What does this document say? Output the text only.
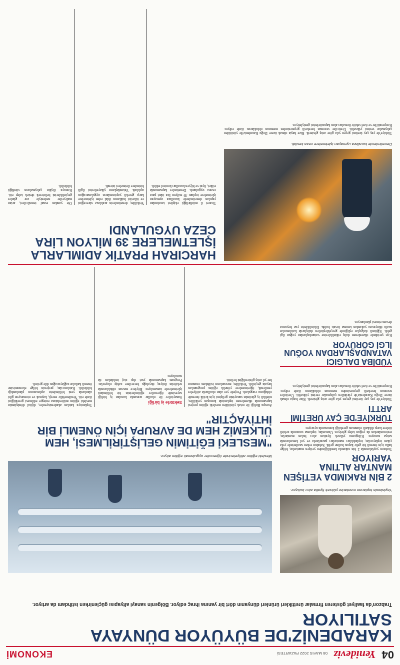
04
Yenideviz
08 MAYIS 2022 PAZARTESİ
EKONOMİ
KARADENİZ'DE BÜYÜYOR DÜNYAYA SATILIYOR
Trabzon'da faaliyet gösteren firmalar ürettikleri ürünleri dünyanın dört bir yanına ihraç ediyor. Bölgenin sanayi altyapısı güçlenirken istihdam da artıyor.
Yaylalarda toplanan mantarlar yüksek fiyatla alıcı buluyor.
2 BİN RAKIMDA YETİŞEN MANTAR ALTINA YARIYOR
Trabzon yaylalarında 2 bin rakımda kendiliğinden yetişen mantarlar, bölge halkı için önemli bir gelir kapısı haline geldi. Sabahın erken saatlerinde yola çıkan toplayıcılar, topladıkları mantarları pazarlarda ve yol kenarlarında satışa sunuyor. Kilogramı yüksek fiyattan alıcı bulan mantarlar, restoranlardan da yoğun talep görüyor. Uzmanlar, toplama sırasında zehirli türlere karşı dikkatli olunması gerektiği konusunda uyarıyor.
TÜRKİYE'DE ÇAY ÜRETİMİ ARTTI
Türkiye'de yaş çay üretimi geçen yıla göre artış gösterdi. Rize başta olmak üzere Doğu Karadeniz'de yürütülen çalışmalar verimi yükseltti. Üreticiler sezonun bereketli geçmesinden memnun olduklarını ifade ediyor. Kooperatifler ve özel sektör firmaları alım kapasitelerini genişletiyor.
YÜDİBA DALGICI VATANDAŞLARDAN YOĞUN İLGİ GÖRÜYOR
Kıyı şeridinde düzenlenen dalış etkinliklerine vatandaşlardan yoğun ilgi geldi. Eğitimli dalgıçlar eşliğinde gerçekleştirilen dalışlarda katılımcılar sualtı dünyasını yakından tanıma fırsatı buldu. Etkinliklerin yaz boyunca devam etmesi planlanıyor.
Mesleki eğitim atölyelerinde öğrenciler uygulamalı eğitim alıyor.
"MESLEKİ EĞİTİMİN GELİŞTİRİLMESİ, HEM ÜLKEMİZ HEM DE AVRUPA İÇİN ÖNEMLİ BİR İHTİYAÇTIR"
Avrupa Birliği ile ortak yürütülen mesleki eğitim projesi kapsamında düzenlenen toplantıda konuşan yetkililer, nitelikli iş gücünün sanayinin gelişimi için kritik önemde olduğunu vurguladı. Projede yer alan okullarda atölyeler yenilendi, öğretmenlere yönelik eğitim programları hayata geçirildi. Yetkililer, mezunların istihdam oranının her yıl artış gösterdiğini belirtti.
Sektörle iş birliği
Sanayiciler ile okullar arasında kurulan iş birliği sayesinde öğrenciler eğitimlerinin bir bölümünü işletmelerde tamamlıyor. Böylece mezun olduklarında sektörün ihtiyaç duyduğu becerilere sahip oluyorlar. Program kapsamında yurt dışı staj imkânları da sunuluyor.
Toplantıya katılan akademisyenler, dijital dönüşümün mesleki eğitim müfredatına entegre edilmesi gerektiğini ifade etti. Yenilenebilir enerji, kaynak ve otomasyon gibi alanlarda yeni bölümlerin açılmasının planlandığı bildirildi. Katılımcılar, projenin bölge ekonomisine önemli katkılar sağlayacağını dile getirdi.
Denetimlerde kurallara uymayan işletmelere ceza kesildi.
HARCIRAH PRATİK ADIMLARLA İŞLETMELERE 39 MİLYON LİRA CEZA UYGULANDI
Ticaret il müdürlüğü ekipleri tarafından yapılan denetimlerde kurallara uymayan işletmelere toplam 39 milyon lira idari para cezası uygulandı. Denetimler kapsamında etiket, fiyat ve hijyen kuralları kontrol edildi.
Yetkililer, denetimlerin aralıksız süreceğini ve tüketici haklarını ihlal eden işletmelere karşı gerekli yaptırımların uygulanacağını açıkladı. Vatandaşların şikayetlerini ilgili birimlere iletmeleri istendi.
Öte yandan esnaf temsilcileri, artan maliyetler nedeniyle zor günler geçirdiklerini belirterek destek talep etti. Konuya ilişkin çalışmaların sürdüğü bildirildi.
Türkiye'de yaş çay üretimi geçen yıla göre artış gösterdi. Rize başta olmak üzere Doğu Karadeniz'de yürütülen çalışmalar verimi yükseltti. Üreticiler sezonun bereketli geçmesinden memnun olduklarını ifade ediyor. Kooperatifler ve özel sektör firmaları alım kapasitelerini genişletiyor.
